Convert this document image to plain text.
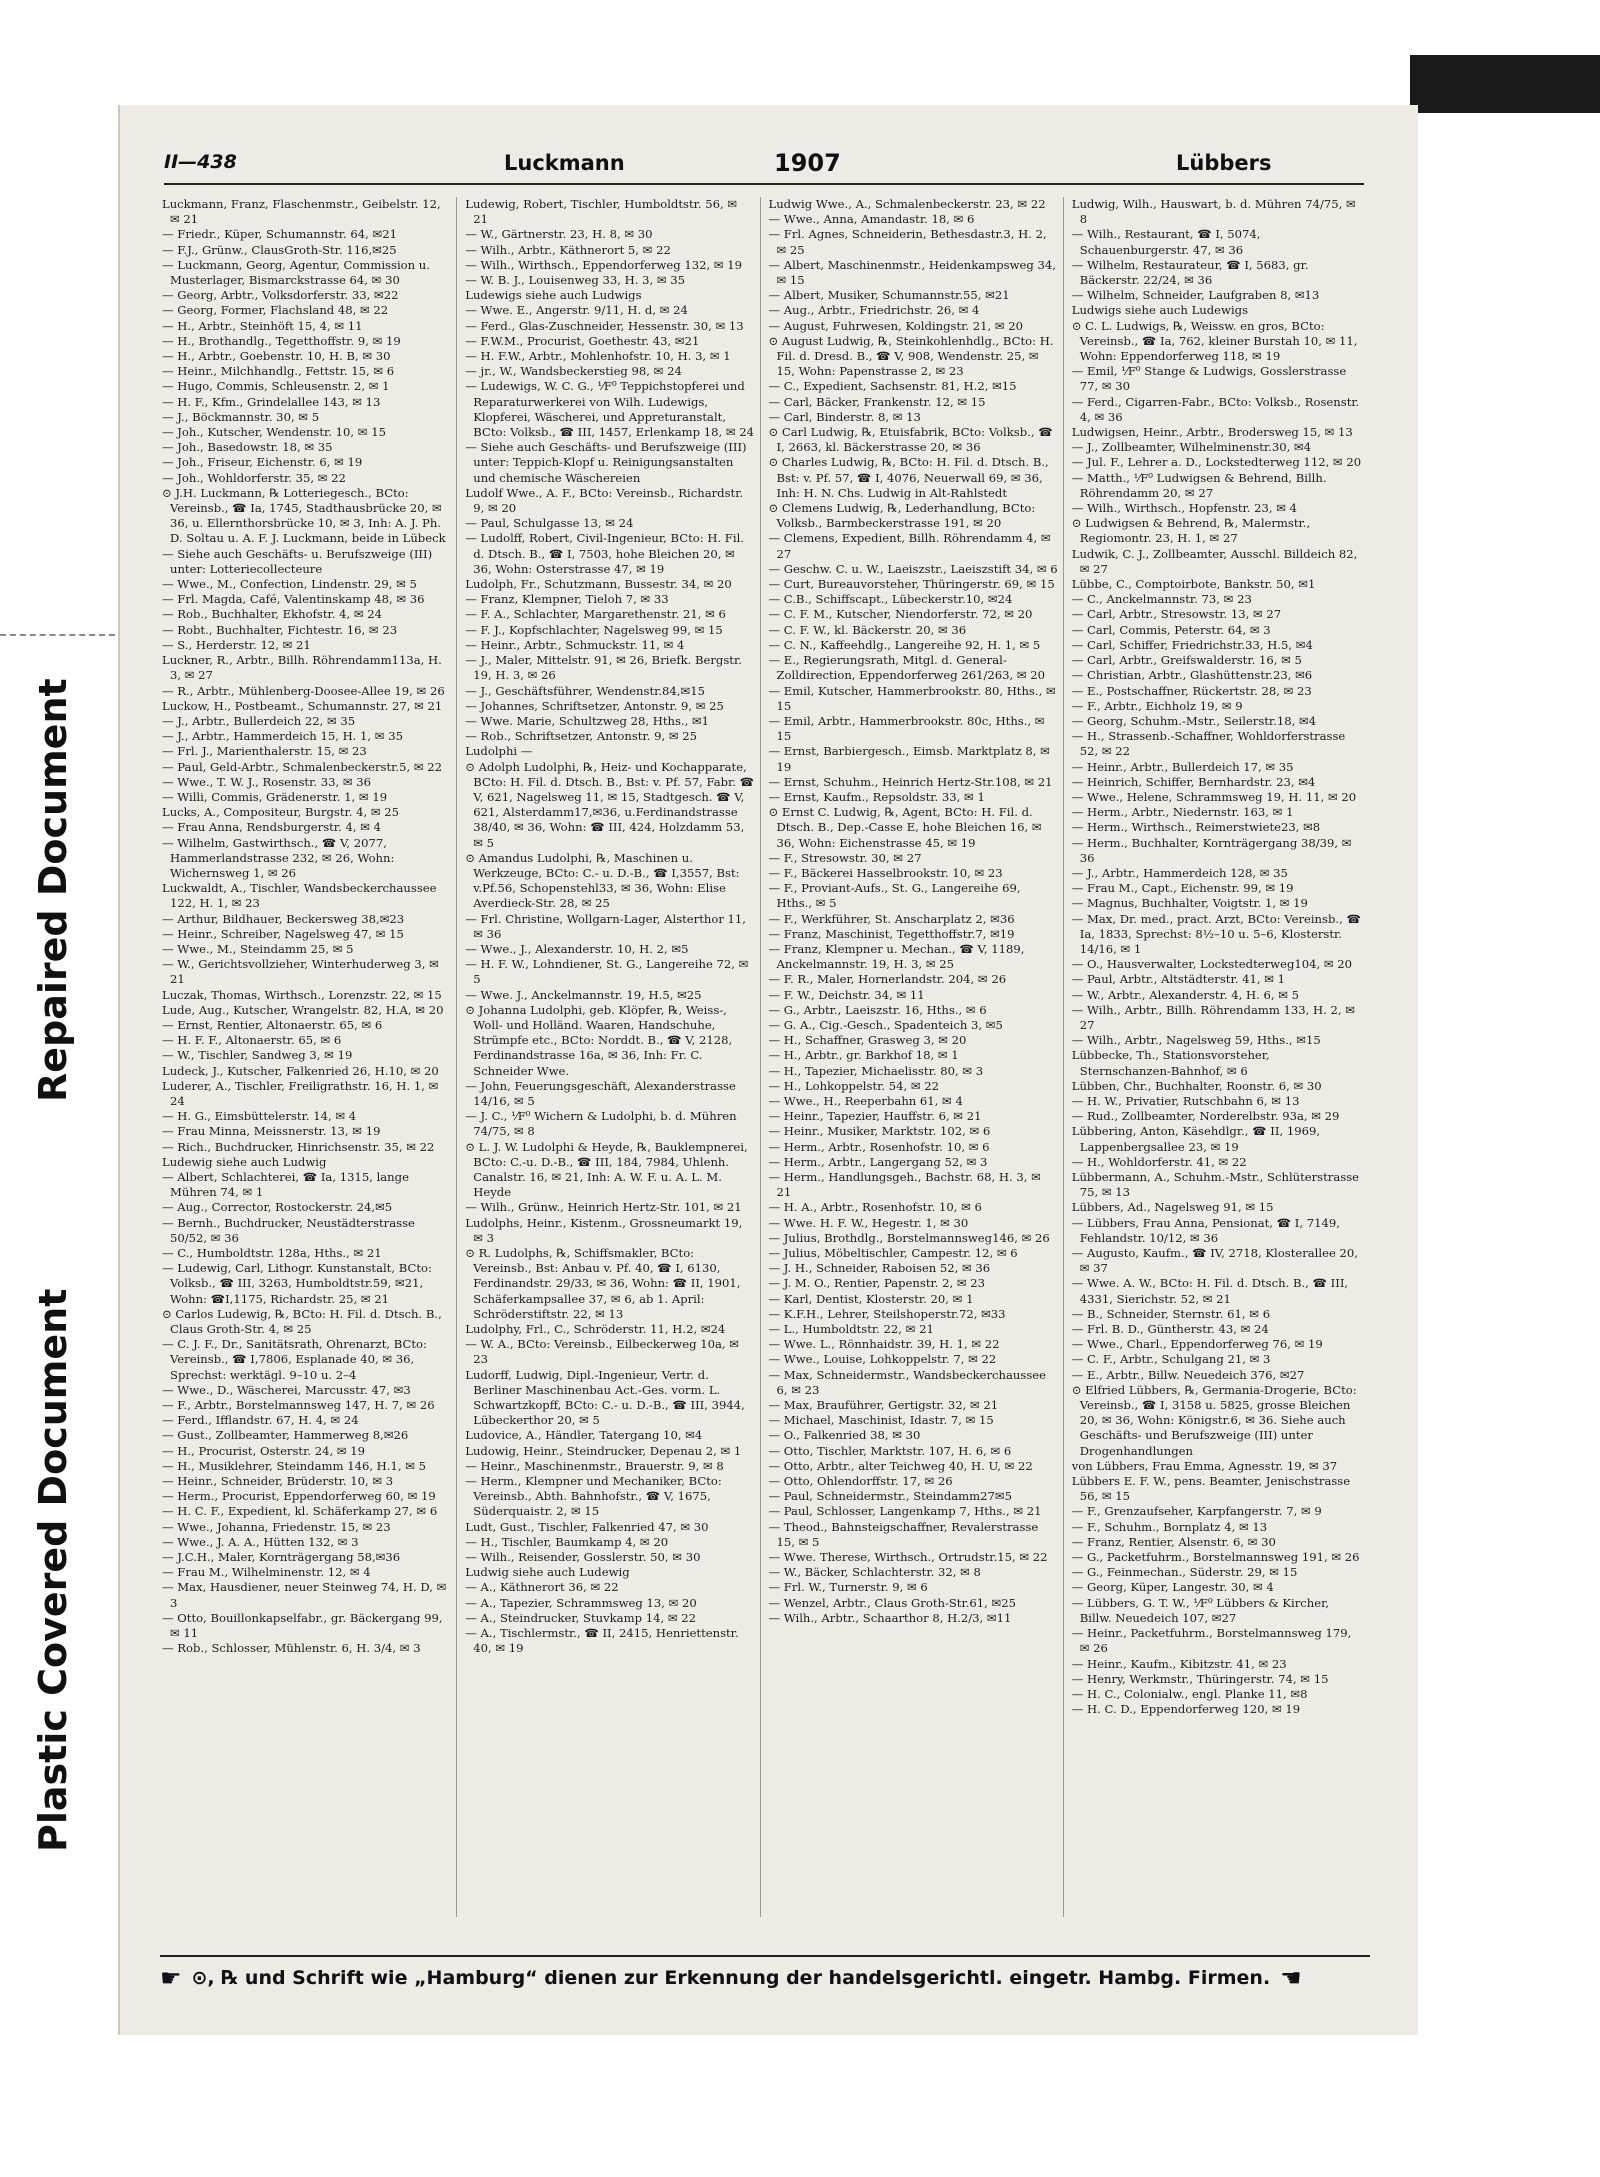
Repaired Document
Plastic Covered Document
II—438	Luckmann	1907	Lübbers

Luckmann, Franz, Flaschenmstr., Geibelstr. 12, ✉ 21

— Friedr., Küper, Schumannstr. 64, ✉21

— F.J., Grünw., ClausGroth-Str. 116,✉25

— Luckmann, Georg, Agentur, Commission u. Musterlager, Bismarckstrasse 64, ✉ 30

— Georg, Arbtr., Volksdorferstr. 33, ✉22

— Georg, Former, Flachsland 48, ✉ 22

— H., Arbtr., Steinhöft 15, 4, ✉ 11

— H., Brothandlg., Tegetthoffstr. 9, ✉ 19

— H., Arbtr., Goebenstr. 10, H. B, ✉ 30

— Heinr., Milchhandlg., Fettstr. 15, ✉ 6

— Hugo, Commis, Schleusenstr. 2, ✉ 1

— H. F., Kfm., Grindelallee 143, ✉ 13

— J., Böckmannstr. 30, ✉ 5

— Joh., Kutscher, Wendenstr. 10, ✉ 15

— Joh., Basedowstr. 18, ✉ 35

— Joh., Friseur, Eichenstr. 6, ✉ 19

— Joh., Wohldorferstr. 35, ✉ 22

⊙ J.H. Luckmann, ℞ Lotteriegesch., BCto: Vereinsb., ☎ Ia, 1745, Stadthausbrücke 20, ✉ 36, u. Ellernthorsbrücke 10, ✉ 3, Inh: A. J. Ph. D. Soltau u. A. F. J. Luckmann, beide in Lübeck

— Siehe auch Geschäfts- u. Berufszweige (III) unter: Lotteriecollecteure

— Wwe., M., Confection, Lindenstr. 29, ✉ 5

— Frl. Magda, Café, Valentinskamp 48, ✉ 36

— Rob., Buchhalter, Ekhofstr. 4, ✉ 24

— Robt., Buchhalter, Fichtestr. 16, ✉ 23

— S., Herderstr. 12, ✉ 21

Luckner, R., Arbtr., Billh. Röhrendamm113a, H. 3, ✉ 27

— R., Arbtr., Mühlenberg-Doosee-Allee 19, ✉ 26

Luckow, H., Postbeamt., Schumannstr. 27, ✉ 21

— J., Arbtr., Bullerdeich 22, ✉ 35

— J., Arbtr., Hammerdeich 15, H. 1, ✉ 35

— Frl. J., Marienthalerstr. 15, ✉ 23

— Paul, Geld-Arbtr., Schmalenbeckerstr.5, ✉ 22

— Wwe., T. W. J., Rosenstr. 33, ✉ 36

— Willi, Commis, Grädenerstr. 1, ✉ 19

Lucks, A., Compositeur, Burgstr. 4, ✉ 25

— Frau Anna, Rendsburgerstr. 4, ✉ 4

— Wilhelm, Gastwirthsch., ☎ V, 2077, Hammerlandstrasse 232, ✉ 26, Wohn: Wichernsweg 1, ✉ 26

Luckwaldt, A., Tischler, Wandsbeckerchaussee 122, H. 1, ✉ 23

— Arthur, Bildhauer, Beckersweg 38,✉23

— Heinr., Schreiber, Nagelsweg 47, ✉ 15

— Wwe., M., Steindamm 25, ✉ 5

— W., Gerichtsvollzieher, Winterhuderweg 3, ✉ 21

Luczak, Thomas, Wirthsch., Lorenzstr. 22, ✉ 15

Lude, Aug., Kutscher, Wrangelstr. 82, H.A, ✉ 20

— Ernst, Rentier, Altonaerstr. 65, ✉ 6

— H. F. F., Altonaerstr. 65, ✉ 6

— W., Tischler, Sandweg 3, ✉ 19

Ludeck, J., Kutscher, Falkenried 26, H.10, ✉ 20

Luderer, A., Tischler, Freiligrathstr. 16, H. 1, ✉ 24

— H. G., Eimsbüttelerstr. 14, ✉ 4

— Frau Minna, Meissnerstr. 13, ✉ 19

— Rich., Buchdrucker, Hinrichsenstr. 35, ✉ 22

Ludewig siehe auch Ludwig

— Albert, Schlachterei, ☎ Ia, 1315, lange Mühren 74, ✉ 1

— Aug., Corrector, Rostockerstr. 24,✉5

— Bernh., Buchdrucker, Neustädterstrasse 50/52, ✉ 36

— C., Humboldtstr. 128a, Hths., ✉ 21

— Ludewig, Carl, Lithogr. Kunstanstalt, BCto: Volksb., ☎ III, 3263, Humboldtstr.59, ✉21, Wohn: ☎I,1175, Richardstr. 25, ✉ 21

⊙ Carlos Ludewig, ℞, BCto: H. Fil. d. Dtsch. B., Claus Groth-Str. 4, ✉ 25

— C. J. F., Dr., Sanitätsrath, Ohrenarzt, BCto: Vereinsb., ☎ I,7806, Esplanade 40, ✉ 36, Sprechst: werktägl. 9–10 u. 2–4

— Wwe., D., Wäscherei, Marcusstr. 47, ✉3

— F., Arbtr., Borstelmannsweg 147, H. 7, ✉ 26

— Ferd., Ifflandstr. 67, H. 4, ✉ 24

— Gust., Zollbeamter, Hammerweg 8,✉26

— H., Procurist, Osterstr. 24, ✉ 19

— H., Musiklehrer, Steindamm 146, H.1, ✉ 5

— Heinr., Schneider, Brüderstr. 10, ✉ 3

— Herm., Procurist, Eppendorferweg 60, ✉ 19

— H. C. F., Expedient, kl. Schäferkamp 27, ✉ 6

— Wwe., Johanna, Friedenstr. 15, ✉ 23

— Wwe., J. A. A., Hütten 132, ✉ 3

— J.C.H., Maler, Kornträgergang 58,✉36

— Frau M., Wilhelminenstr. 12, ✉ 4

— Max, Hausdiener, neuer Steinweg 74, H. D, ✉ 3

— Otto, Bouillonkapselfabr., gr. Bäckergang 99, ✉ 11

— Rob., Schlosser, Mühlenstr. 6, H. 3/4, ✉ 3

Ludewig, Robert, Tischler, Humboldtstr. 56, ✉ 21

— W., Gärtnerstr. 23, H. 8, ✉ 30

— Wilh., Arbtr., Käthnerort 5, ✉ 22

— Wilh., Wirthsch., Eppendorferweg 132, ✉ 19

— W. B. J., Louisenweg 33, H. 3, ✉ 35

Ludewigs siehe auch Ludwigs

— Wwe. E., Angerstr. 9/11, H. d, ✉ 24

— Ferd., Glas-Zuschneider, Hessenstr. 30, ✉ 13

— F.W.M., Procurist, Goethestr. 43, ✉21

— H. F.W., Arbtr., Mohlenhofstr. 10, H. 3, ✉ 1

— jr., W., Wandsbeckerstieg 98, ✉ 24

— Ludewigs, W. C. G., ⅟F⁰ Teppichstopferei und Reparaturwerkerei von Wilh. Ludewigs, Klopferei, Wäscherei, und Appreturanstalt, BCto: Volksb., ☎ III, 1457, Erlenkamp 18, ✉ 24

— Siehe auch Geschäfts- und Berufszweige (III) unter: Teppich-Klopf u. Reinigungsanstalten und chemische Wäschereien

Ludolf Wwe., A. F., BCto: Vereinsb., Richardstr. 9, ✉ 20

— Paul, Schulgasse 13, ✉ 24

— Ludolff, Robert, Civil-Ingenieur, BCto: H. Fil. d. Dtsch. B., ☎ I, 7503, hohe Bleichen 20, ✉ 36, Wohn: Osterstrasse 47, ✉ 19

Ludolph, Fr., Schutzmann, Bussestr. 34, ✉ 20

— Franz, Klempner, Tieloh 7, ✉ 33

— F. A., Schlachter, Margarethenstr. 21, ✉ 6

— F. J., Kopfschlachter, Nagelsweg 99, ✉ 15

— Heinr., Arbtr., Schmuckstr. 11, ✉ 4

— J., Maler, Mittelstr. 91, ✉ 26, Briefk. Bergstr. 19, H. 3, ✉ 26

— J., Geschäftsführer, Wendenstr.84,✉15

— Johannes, Schriftsetzer, Antonstr. 9, ✉ 25

— Wwe. Marie, Schultzweg 28, Hths., ✉1

— Rob., Schriftsetzer, Antonstr. 9, ✉ 25

Ludolphi —

⊙ Adolph Ludolphi, ℞, Heiz- und Kochapparate, BCto: H. Fil. d. Dtsch. B., Bst: v. Pf. 57, Fabr. ☎ V, 621, Nagelsweg 11, ✉ 15, Stadtgesch. ☎ V, 621, Alsterdamm17,✉36, u.Ferdinandstrasse 38/40, ✉ 36, Wohn: ☎ III, 424, Holzdamm 53, ✉ 5

⊙ Amandus Ludolphi, ℞, Maschinen u. Werkzeuge, BCto: C.- u. D.-B., ☎ I,3557, Bst: v.Pf.56, Schopenstehl33, ✉ 36, Wohn: Elise Averdieck-Str. 28, ✉ 25

— Frl. Christine, Wollgarn-Lager, Alsterthor 11, ✉ 36

— Wwe., J., Alexanderstr. 10, H. 2, ✉5

— H. F. W., Lohndiener, St. G., Langereihe 72, ✉ 5

— Wwe. J., Anckelmannstr. 19, H.5, ✉25

⊙ Johanna Ludolphi, geb. Klöpfer, ℞, Weiss-, Woll- und Holländ. Waaren, Handschuhe, Strümpfe etc., BCto: Norddt. B., ☎ V, 2128, Ferdinandstrasse 16a, ✉ 36, Inh: Fr. C. Schneider Wwe.

— John, Feuerungsgeschäft, Alexanderstrasse 14/16, ✉ 5

— J. C., ⅟F⁰ Wichern & Ludolphi, b. d. Mühren 74/75, ✉ 8

⊙ L. J. W. Ludolphi & Heyde, ℞, Bauklempnerei, BCto: C.-u. D.-B., ☎ III, 184, 7984, Uhlenh. Canalstr. 16, ✉ 21, Inh: A. W. F. u. A. L. M. Heyde

— Wilh., Grünw., Heinrich Hertz-Str. 101, ✉ 21

Ludolphs, Heinr., Kistenm., Grossneumarkt 19, ✉ 3

⊙ R. Ludolphs, ℞, Schiffsmakler, BCto: Vereinsb., Bst: Anbau v. Pf. 40, ☎ I, 6130, Ferdinandstr. 29/33, ✉ 36, Wohn: ☎ II, 1901, Schäferkampsallee 37, ✉ 6, ab 1. April: Schröderstiftstr. 22, ✉ 13

Ludolphy, Frl., C., Schröderstr. 11, H.2, ✉24

— W. A., BCto: Vereinsb., Eilbeckerweg 10a, ✉ 23

Ludorff, Ludwig, Dipl.-Ingenieur, Vertr. d. Berliner Maschinenbau Act.-Ges. vorm. L. Schwartzkopff, BCto: C.- u. D.-B., ☎ III, 3944, Lübeckerthor 20, ✉ 5

Ludovice, A., Händler, Tatergang 10, ✉4

Ludowig, Heinr., Steindrucker, Depenau 2, ✉ 1

— Heinr., Maschinenmstr., Brauerstr. 9, ✉ 8

— Herm., Klempner und Mechaniker, BCto: Vereinsb., Abth. Bahnhofstr., ☎ V, 1675, Süderquaistr. 2, ✉ 15

Ludt, Gust., Tischler, Falkenried 47, ✉ 30

— H., Tischler, Baumkamp 4, ✉ 20

— Wilh., Reisender, Gosslerstr. 50, ✉ 30

Ludwig siehe auch Ludewig

— A., Käthnerort 36, ✉ 22

— A., Tapezier, Schrammsweg 13, ✉ 20

— A., Steindrucker, Stuvkamp 14, ✉ 22

— A., Tischlermstr., ☎ II, 2415, Henriettenstr. 40, ✉ 19

Ludwig Wwe., A., Schmalenbeckerstr. 23, ✉ 22

— Wwe., Anna, Amandastr. 18, ✉ 6

— Frl. Agnes, Schneiderin, Bethesdastr.3, H. 2, ✉ 25

— Albert, Maschinenmstr., Heidenkampsweg 34, ✉ 15

— Albert, Musiker, Schumannstr.55, ✉21

— Aug., Arbtr., Friedrichstr. 26, ✉ 4

— August, Fuhrwesen, Koldingstr. 21, ✉ 20

⊙ August Ludwig, ℞, Steinkohlenhdlg., BCto: H. Fil. d. Dresd. B., ☎ V, 908, Wendenstr. 25, ✉ 15, Wohn: Papenstrasse 2, ✉ 23

— C., Expedient, Sachsenstr. 81, H.2, ✉15

— Carl, Bäcker, Frankenstr. 12, ✉ 15

— Carl, Binderstr. 8, ✉ 13

⊙ Carl Ludwig, ℞, Etuisfabrik, BCto: Volksb., ☎ I, 2663, kl. Bäckerstrasse 20, ✉ 36

⊙ Charles Ludwig, ℞, BCto: H. Fil. d. Dtsch. B., Bst: v. Pf. 57, ☎ I, 4076, Neuerwall 69, ✉ 36, Inh: H. N. Chs. Ludwig in Alt-Rahlstedt

⊙ Clemens Ludwig, ℞, Lederhandlung, BCto: Volksb., Barmbeckerstrasse 191, ✉ 20

— Clemens, Expedient, Billh. Röhrendamm 4, ✉ 27

— Geschw. C. u. W., Laeiszstr., Laeiszstift 34, ✉ 6

— Curt, Bureauvorsteher, Thüringerstr. 69, ✉ 15

— C.B., Schiffscapt., Lübeckerstr.10, ✉24

— C. F. M., Kutscher, Niendorferstr. 72, ✉ 20

— C. F. W., kl. Bäckerstr. 20, ✉ 36

— C. N., Kaffeehdlg., Langereihe 92, H. 1, ✉ 5

— E., Regierungsrath, Mitgl. d. General-Zolldirection, Eppendorferweg 261/263, ✉ 20

— Emil, Kutscher, Hammerbrookstr. 80, Hths., ✉ 15

— Emil, Arbtr., Hammerbrookstr. 80c, Hths., ✉ 15

— Ernst, Barbiergesch., Eimsb. Marktplatz 8, ✉ 19

— Ernst, Schuhm., Heinrich Hertz-Str.108, ✉ 21

— Ernst, Kaufm., Repsoldstr. 33, ✉ 1

⊙ Ernst C. Ludwig, ℞, Agent, BCto: H. Fil. d. Dtsch. B., Dep.-Casse E, hohe Bleichen 16, ✉ 36, Wohn: Eichenstrasse 45, ✉ 19

— F., Stresowstr. 30, ✉ 27

— F., Bäckerei Hasselbrookstr. 10, ✉ 23

— F., Proviant-Aufs., St. G., Langereihe 69, Hths., ✉ 5

— F., Werkführer, St. Anscharplatz 2, ✉36

— Franz, Maschinist, Tegetthoffstr.7, ✉19

— Franz, Klempner u. Mechan., ☎ V, 1189, Anckelmannstr. 19, H. 3, ✉ 25

— F. R., Maler, Hornerlandstr. 204, ✉ 26

— F. W., Deichstr. 34, ✉ 11

— G., Arbtr., Laeiszstr. 16, Hths., ✉ 6

— G. A., Cig.-Gesch., Spadenteich 3, ✉5

— H., Schaffner, Grasweg 3, ✉ 20

— H., Arbtr., gr. Barkhof 18, ✉ 1

— H., Tapezier, Michaelisstr. 80, ✉ 3

— H., Lohkoppelstr. 54, ✉ 22

— Wwe., H., Reeperbahn 61, ✉ 4

— Heinr., Tapezier, Hauffstr. 6, ✉ 21

— Heinr., Musiker, Marktstr. 102, ✉ 6

— Herm., Arbtr., Rosenhofstr. 10, ✉ 6

— Herm., Arbtr., Langergang 52, ✉ 3

— Herm., Handlungsgeh., Bachstr. 68, H. 3, ✉ 21

— H. A., Arbtr., Rosenhofstr. 10, ✉ 6

— Wwe. H. F. W., Hegestr. 1, ✉ 30

— Julius, Brothdlg., Borstelmannsweg146, ✉ 26

— Julius, Möbeltischler, Campestr. 12, ✉ 6

— J. H., Schneider, Raboisen 52, ✉ 36

— J. M. O., Rentier, Papenstr. 2, ✉ 23

— Karl, Dentist, Klosterstr. 20, ✉ 1

— K.F.H., Lehrer, Steilshoperstr.72, ✉33

— L., Humboldtstr. 22, ✉ 21

— Wwe. L., Rönnhaidstr. 39, H. 1, ✉ 22

— Wwe., Louise, Lohkoppelstr. 7, ✉ 22

— Max, Schneidermstr., Wandsbeckerchaussee 6, ✉ 23

— Max, Brauführer, Gertigstr. 32, ✉ 21

— Michael, Maschinist, Idastr. 7, ✉ 15

— O., Falkenried 38, ✉ 30

— Otto, Tischler, Marktstr. 107, H. 6, ✉ 6

— Otto, Arbtr., alter Teichweg 40, H. U, ✉ 22

— Otto, Ohlendorffstr. 17, ✉ 26

— Paul, Schneidermstr., Steindamm27✉5

— Paul, Schlosser, Langenkamp 7, Hths., ✉ 21

— Theod., Bahnsteigschaffner, Revalerstrasse 15, ✉ 5

— Wwe. Therese, Wirthsch., Ortrudstr.15, ✉ 22

— W., Bäcker, Schlachterstr. 32, ✉ 8

— Frl. W., Turnerstr. 9, ✉ 6

— Wenzel, Arbtr., Claus Groth-Str.61, ✉25

— Wilh., Arbtr., Schaarthor 8, H.2/3, ✉11

Ludwig, Wilh., Hauswart, b. d. Mühren 74/75, ✉ 8

— Wilh., Restaurant, ☎ I, 5074, Schauenburgerstr. 47, ✉ 36

— Wilhelm, Restaurateur, ☎ I, 5683, gr. Bäckerstr. 22/24, ✉ 36

— Wilhelm, Schneider, Laufgraben 8, ✉13

Ludwigs siehe auch Ludewigs

⊙ C. L. Ludwigs, ℞, Weissw. en gros, BCto: Vereinsb., ☎ Ia, 762, kleiner Burstah 10, ✉ 11, Wohn: Eppendorferweg 118, ✉ 19

— Emil, ⅟F⁰ Stange & Ludwigs, Gosslerstrasse 77, ✉ 30

— Ferd., Cigarren-Fabr., BCto: Volksb., Rosenstr. 4, ✉ 36

Ludwigsen, Heinr., Arbtr., Brodersweg 15, ✉ 13

— J., Zollbeamter, Wilhelminenstr.30, ✉4

— Jul. F., Lehrer a. D., Lockstedterweg 112, ✉ 20

— Matth., ⅟F⁰ Ludwigsen & Behrend, Billh. Röhrendamm 20, ✉ 27

— Wilh., Wirthsch., Hopfenstr. 23, ✉ 4

⊙ Ludwigsen & Behrend, ℞, Malermstr., Regiomontr. 23, H. 1, ✉ 27

Ludwik, C. J., Zollbeamter, Ausschl. Billdeich 82, ✉ 27

Lübbe, C., Comptoirbote, Bankstr. 50, ✉1

— C., Anckelmannstr. 73, ✉ 23

— Carl, Arbtr., Stresowstr. 13, ✉ 27

— Carl, Commis, Peterstr. 64, ✉ 3

— Carl, Schiffer, Friedrichstr.33, H.5, ✉4

— Carl, Arbtr., Greifswalderstr. 16, ✉ 5

— Christian, Arbtr., Glashüttenstr.23, ✉6

— E., Postschaffner, Rückertstr. 28, ✉ 23

— F., Arbtr., Eichholz 19, ✉ 9

— Georg, Schuhm.-Mstr., Seilerstr.18, ✉4

— H., Strassenb.-Schaffner, Wohldorferstrasse 52, ✉ 22

— Heinr., Arbtr., Bullerdeich 17, ✉ 35

— Heinrich, Schiffer, Bernhardstr. 23, ✉4

— Wwe., Helene, Schrammsweg 19, H. 11, ✉ 20

— Herm., Arbtr., Niedernstr. 163, ✉ 1

— Herm., Wirthsch., Reimerstwiete23, ✉8

— Herm., Buchhalter, Kornträgergang 38/39, ✉ 36

— J., Arbtr., Hammerdeich 128, ✉ 35

— Frau M., Capt., Eichenstr. 99, ✉ 19

— Magnus, Buchhalter, Voigtstr. 1, ✉ 19

— Max, Dr. med., pract. Arzt, BCto: Vereinsb., ☎ Ia, 1833, Sprechst: 8½–10 u. 5–6, Klosterstr. 14/16, ✉ 1

— O., Hausverwalter, Lockstedterweg104, ✉ 20

— Paul, Arbtr., Altstädterstr. 41, ✉ 1

— W., Arbtr., Alexanderstr. 4, H. 6, ✉ 5

— Wilh., Arbtr., Billh. Röhrendamm 133, H. 2, ✉ 27

— Wilh., Arbtr., Nagelsweg 59, Hths., ✉15

Lübbecke, Th., Stationsvorsteher, Sternschanzen-Bahnhof, ✉ 6

Lübben, Chr., Buchhalter, Roonstr. 6, ✉ 30

— H. W., Privatier, Rutschbahn 6, ✉ 13

— Rud., Zollbeamter, Norderelbstr. 93a, ✉ 29

Lübbering, Anton, Käsehdlgr., ☎ II, 1969, Lappenbergsallee 23, ✉ 19

— H., Wohldorferstr. 41, ✉ 22

Lübbermann, A., Schuhm.-Mstr., Schlüterstrasse 75, ✉ 13

Lübbers, Ad., Nagelsweg 91, ✉ 15

— Lübbers, Frau Anna, Pensionat, ☎ I, 7149, Fehlandstr. 10/12, ✉ 36

— Augusto, Kaufm., ☎ IV, 2718, Klosterallee 20, ✉ 37

— Wwe. A. W., BCto: H. Fil. d. Dtsch. B., ☎ III, 4331, Sierichstr. 52, ✉ 21

— B., Schneider, Sternstr. 61, ✉ 6

— Frl. B. D., Güntherstr. 43, ✉ 24

— Wwe., Charl., Eppendorferweg 76, ✉ 19

— C. F., Arbtr., Schulgang 21, ✉ 3

— E., Arbtr., Billw. Neuedeich 376, ✉27

⊙ Elfried Lübbers, ℞, Germania-Drogerie, BCto: Vereinsb., ☎ I, 3158 u. 5825, grosse Bleichen 20, ✉ 36, Wohn: Königstr.6, ✉ 36. Siehe auch Geschäfts- und Berufszweige (III) unter Drogenhandlungen

von Lübbers, Frau Emma, Agnesstr. 19, ✉ 37

Lübbers E. F. W., pens. Beamter, Jenischstrasse 56, ✉ 15

— F., Grenzaufseher, Karpfangerstr. 7, ✉ 9

— F., Schuhm., Bornplatz 4, ✉ 13

— Franz, Rentier, Alsenstr. 6, ✉ 30

— G., Packetfuhrm., Borstelmannsweg 191, ✉ 26

— G., Feinmechan., Süderstr. 29, ✉ 15

— Georg, Küper, Langestr. 30, ✉ 4

— Lübbers, G. T. W., ⅟F⁰ Lübbers & Kircher, Billw. Neuedeich 107, ✉27

— Heinr., Packetfuhrm., Borstelmannsweg 179, ✉ 26

— Heinr., Kaufm., Kibitzstr. 41, ✉ 23

— Henry, Werkmstr., Thüringerstr. 74, ✉ 15

— H. C., Colonialw., engl. Planke 11, ✉8

— H. C. D., Eppendorferweg 120, ✉ 19

☛ ⊙, ℞ und Schrift wie „Hamburg“ dienen zur Erkennung der handelsgerichtl. eingetr. Hambg. Firmen. ☚
